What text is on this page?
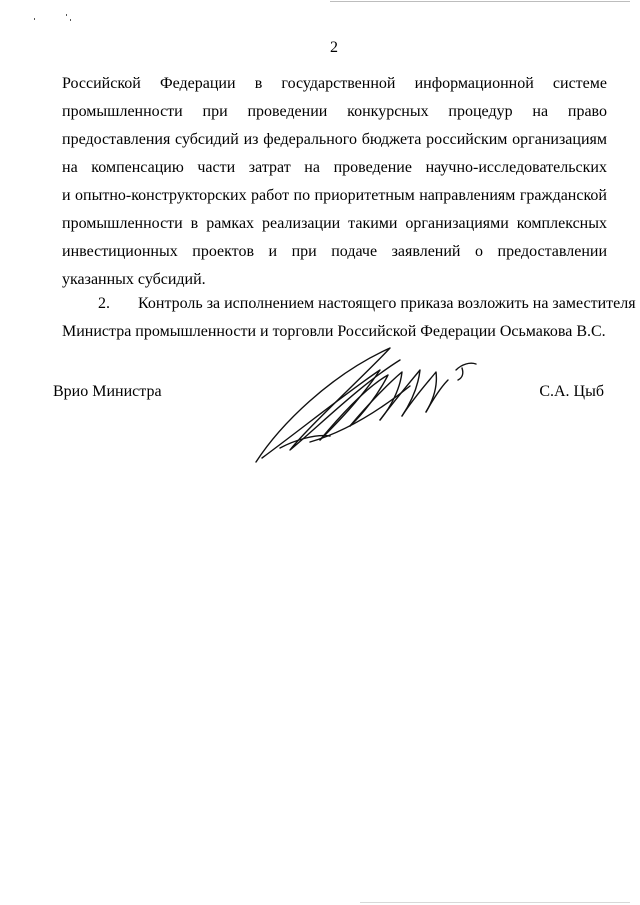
2
Российской Федерации в государственной информационной системе
промышленности при проведении конкурсных процедур на право
предоставления субсидий из федерального бюджета российским организациям
на компенсацию части затрат на проведение научно-исследовательских
и опытно-конструкторских работ по приоритетным направлениям гражданской
промышленности в рамках реализации такими организациями комплексных
инвестиционных проектов и при подаче заявлений о предоставлении
указанных субсидий.
2. Контроль за исполнением настоящего приказа возложить на заместителя
Министра промышленности и торговли Российской Федерации Осьмакова В.С.
Врио Министра	С.А. Цыб
